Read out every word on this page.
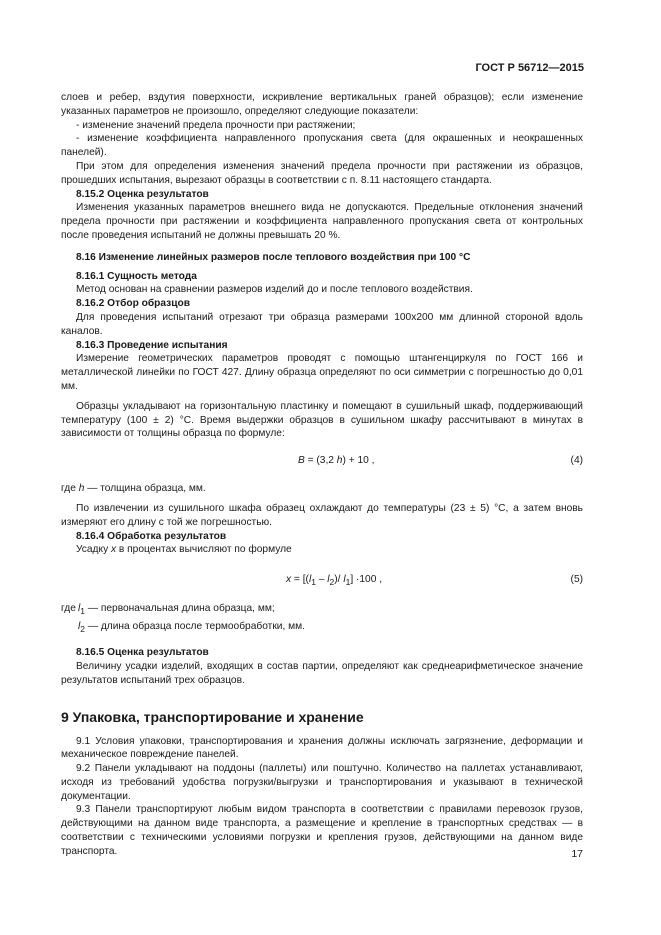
ГОСТ Р 56712—2015

слоев и ребер, вздутия поверхности, искривление вертикальных граней образцов); если изменение указанных параметров не произошло, определяют следующие показатели:

- изменение значений предела прочности при растяжении;

- изменение коэффициента направленного пропускания света (для окрашенных и неокрашенных панелей).

При этом для определения изменения значений предела прочности при растяжении из образцов, прошедших испытания, вырезают образцы в соответствии с п. 8.11 настоящего стандарта.

8.15.2 Оценка результатов

Изменения указанных параметров внешнего вида не допускаются. Предельные отклонения значений предела прочности при растяжении и коэффициента направленного пропускания света от контрольных после проведения испытаний не должны превышать 20 %.

8.16 Изменение линейных размеров после теплового воздействия при 100 °С

8.16.1 Сущность метода

Метод основан на сравнении размеров изделий до и после теплового воздействия.

8.16.2 Отбор образцов

Для проведения испытаний отрезают три образца размерами 100х200 мм длинной стороной вдоль каналов.

8.16.3 Проведение испытания

Измерение геометрических параметров проводят с помощью штангенциркуля по ГОСТ 166 и металлической линейки по ГОСТ 427. Длину образца определяют по оси симметрии с погрешностью до 0,01 мм.

Образцы укладывают на горизонтальную пластинку и помещают в сушильный шкаф, поддерживающий температуру (100 ± 2) °С. Время выдержки образцов в сушильном шкафу рассчитывают в минутах в зависимости от толщины образца по формуле:

B = (3,2 h) + 10 ,	(4)

где h — толщина образца, мм.

По извлечении из сушильного шкафа образец охлаждают до температуры (23 ± 5) °С, а затем вновь измеряют его длину с той же погрешностью.

8.16.4 Обработка результатов

Усадку x в процентах вычисляют по формуле

$x = [(l_1 - l_2)/$ $l_1] \cdot 100$ ,	(5)
где $l_1$ — первоначальная длина образца, мм;
$l_2$ — длина образца после термообработки, мм.

8.16.5 Оценка результатов

Величину усадки изделий, входящих в состав партии, определяют как среднеарифметическое значение результатов испытаний трех образцов.

9 Упаковка, транспортирование и хранение

9.1 Условия упаковки, транспортирования и хранения должны исключать загрязнение, деформации и механическое повреждение панелей.

9.2 Панели укладывают на поддоны (паллеты) или поштучно. Количество на паллетах устанавливают, исходя из требований удобства погрузки/выгрузки и транспортирования и указывают в технической документации.

9.3 Панели транспортируют любым видом транспорта в соответствии с правилами перевозок грузов, действующими на данном виде транспорта, а размещение и крепление в транспортных средствах — в соответствии с техническими условиями погрузки и крепления грузов, действующими на данном виде транспорта.	17
